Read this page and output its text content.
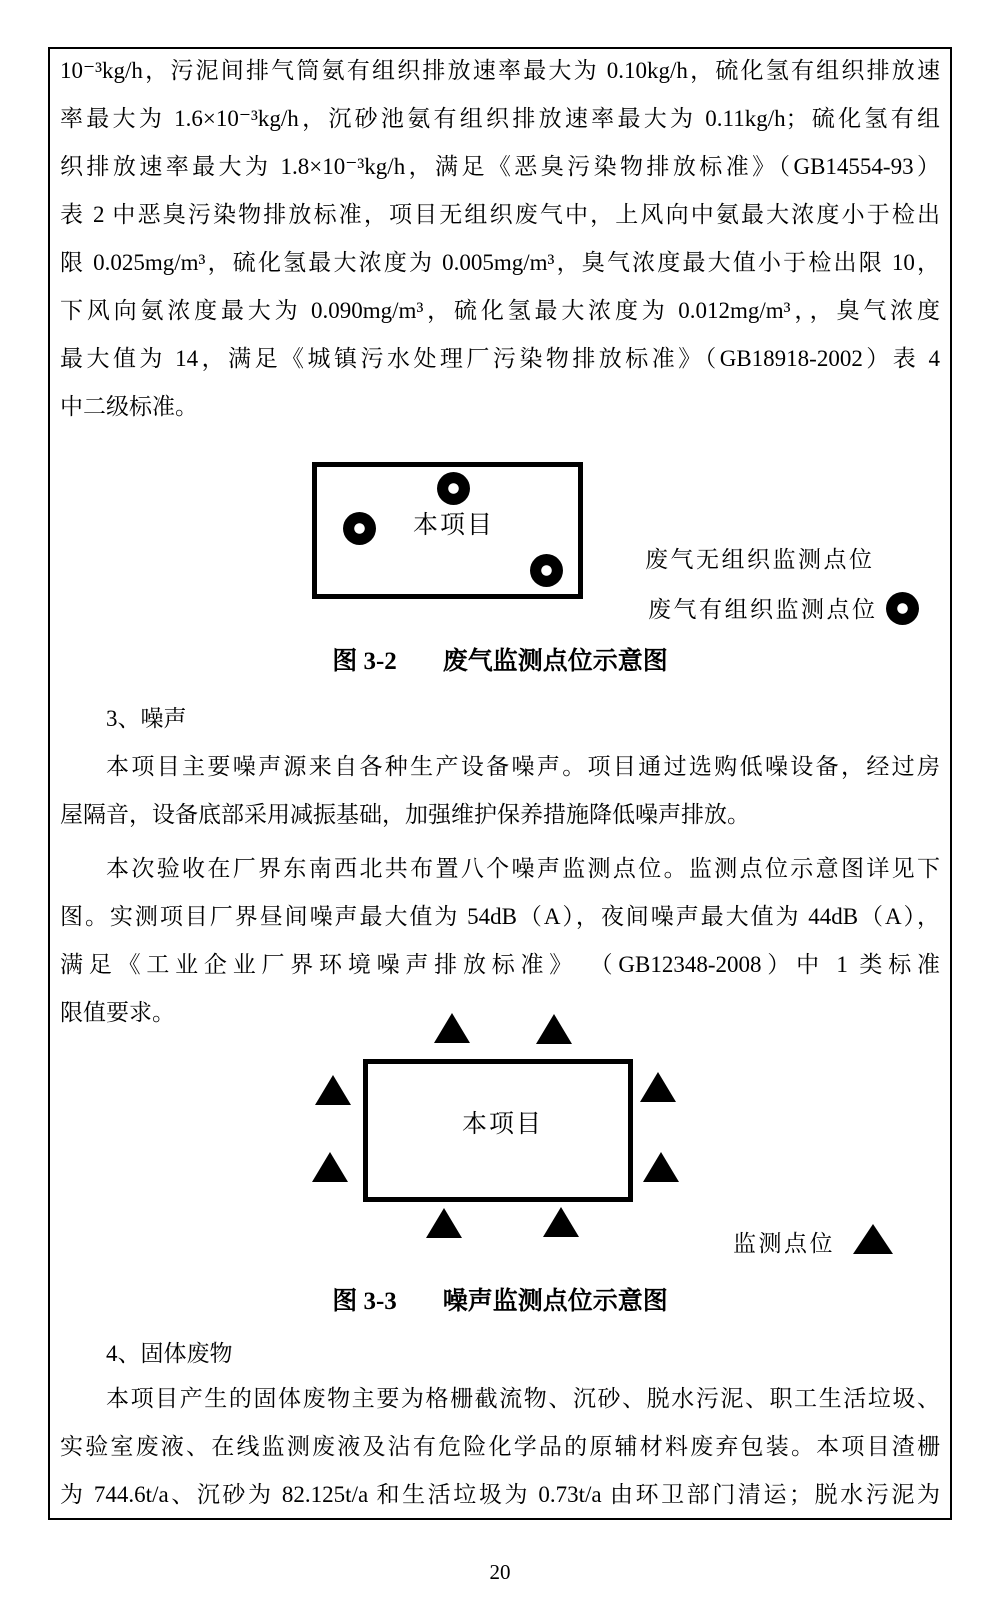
10⁻³kg/h，污泥间排气筒氨有组织排放速率最大为 0.10kg/h，硫化氢有组织排放速
率最大为 1.6×10⁻³kg/h，沉砂池氨有组织排放速率最大为 0.11kg/h；硫化氢有组
织排放速率最大为 1.8×10⁻³kg/h，满足《恶臭污染物排放标准》（GB14554-93）
表 2 中恶臭污染物排放标准，项目无组织废气中，上风向中氨最大浓度小于检出
限 0.025mg/m³，硫化氢最大浓度为 0.005mg/m³，臭气浓度最大值小于检出限 10，
下风向氨浓度最大为 0.090mg/m³，硫化氢最大浓度为 0.012mg/m³，，臭气浓度
最大值为 14，满足《城镇污水处理厂污染物排放标准》（GB18918-2002）表 4
中二级标准。
本项目
废气无组织监测点位
废气有组织监测点位
图 3-2 废气监测点位示意图
3、噪声
本项目主要噪声源来自各种生产设备噪声。项目通过选购低噪设备，经过房
屋隔音，设备底部采用减振基础，加强维护保养措施降低噪声排放。
本次验收在厂界东南西北共布置八个噪声监测点位。监测点位示意图详见下
图。实测项目厂界昼间噪声最大值为 54dB（A），夜间噪声最大值为 44dB（A），
满足《工业企业厂界环境噪声排放标准》 （GB12348-2008）中 1 类标准
限值要求。
本项目
监测点位
图 3-3 噪声监测点位示意图
4、固体废物
本项目产生的固体废物主要为格栅截流物、沉砂、脱水污泥、职工生活垃圾、
实验室废液、在线监测废液及沾有危险化学品的原辅材料废弃包装。本项目渣栅
为 744.6t/a、沉砂为 82.125t/a 和生活垃圾为 0.73t/a 由环卫部门清运；脱水污泥为
20
